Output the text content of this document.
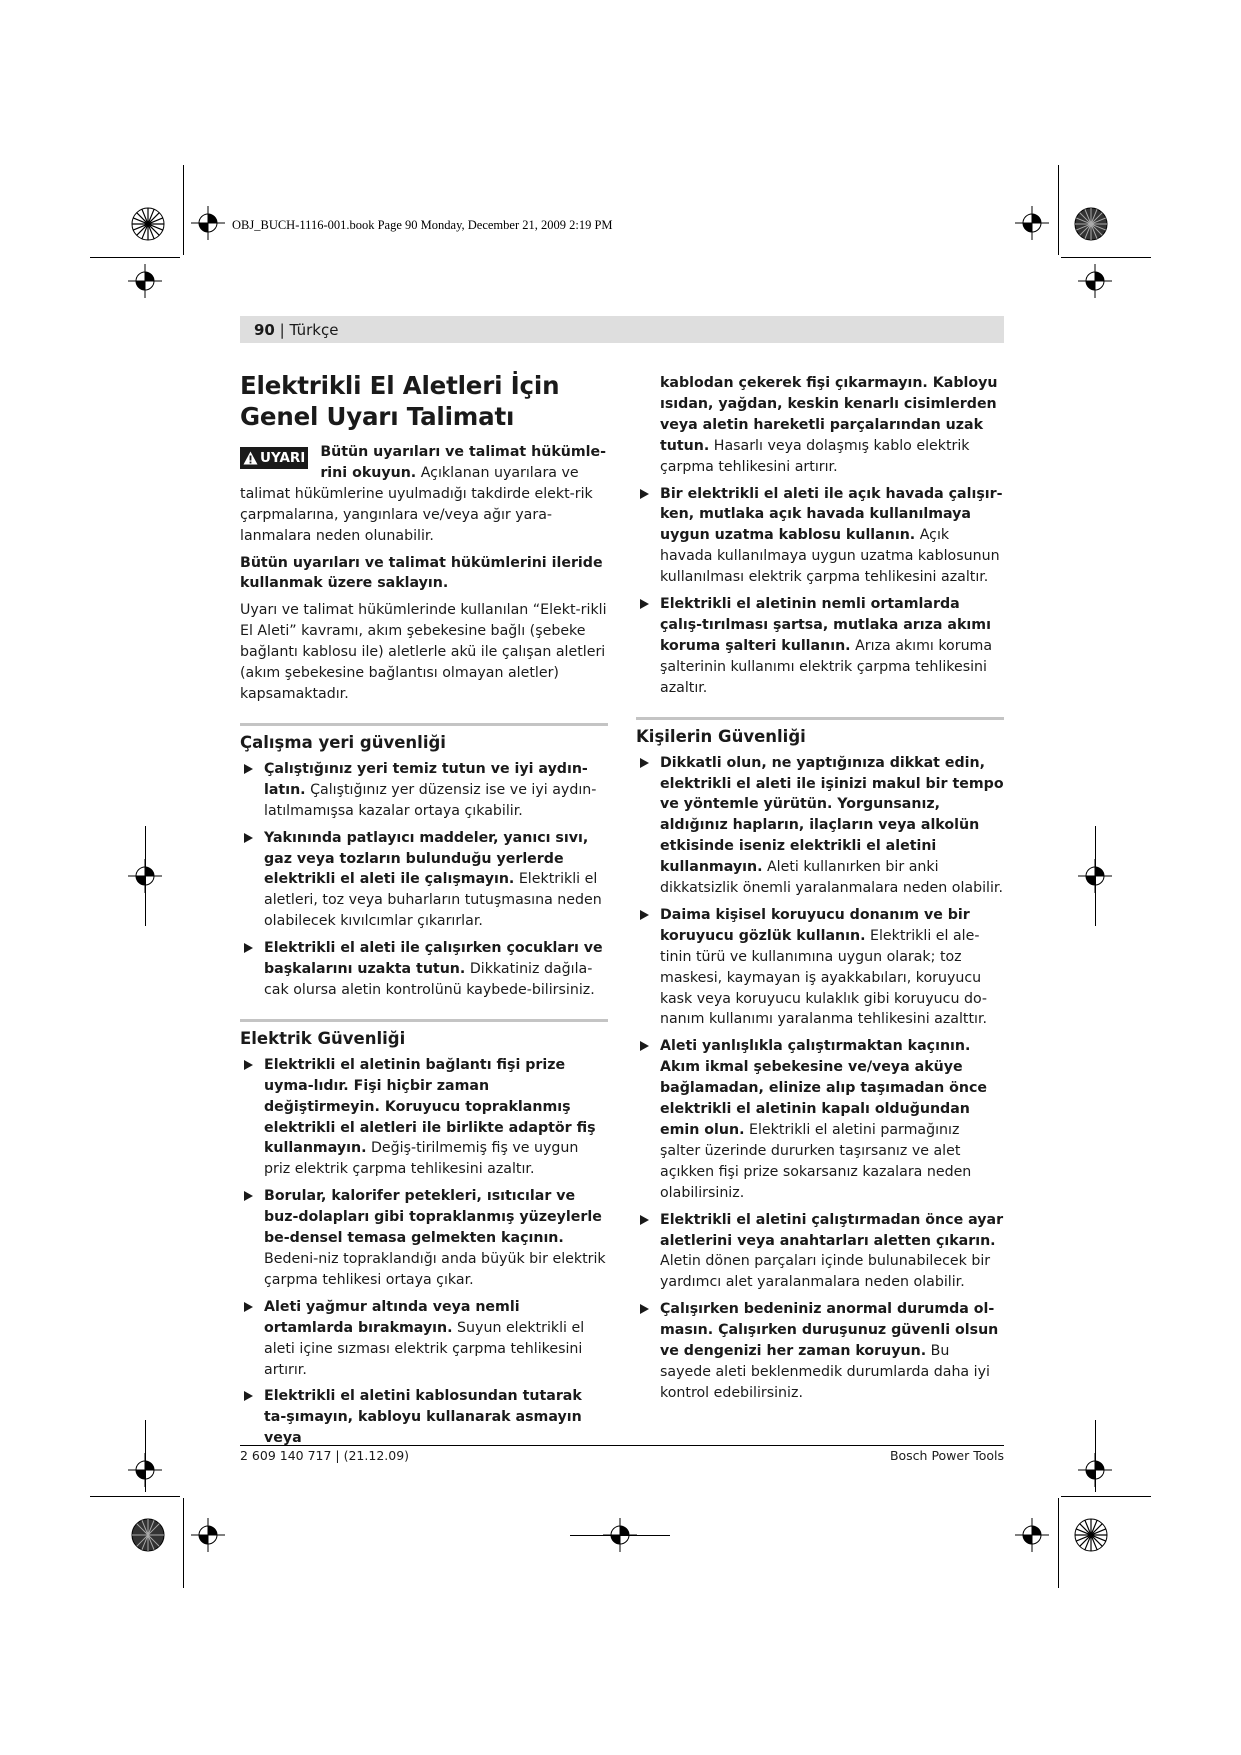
OBJ_BUCH-1116-001.book Page 90 Monday, December 21, 2009 2:19 PM
90 | Türkçe
Elektrikli El Aletleri İçin Genel Uyarı Talimatı
UYARI	Bütün uyarıları ve talimat hükümle-rini okuyun. Açıklanan uyarılara ve talimat hükümlerine uyulmadığı takdirde elekt-rik çarpmalarına, yangınlara ve/veya ağır yara-lanmalara neden olunabilir.

Bütün uyarıları ve talimat hükümlerini ileride kullanmak üzere saklayın.

Uyarı ve talimat hükümlerinde kullanılan “Elekt-rikli El Aleti” kavramı, akım şebekesine bağlı (şebeke bağlantı kablosu ile) aletlerle akü ile çalışan aletleri (akım şebekesine bağlantısı olmayan aletler) kapsamaktadır.

Çalışma yeri güvenliği

Çalıştığınız yeri temiz tutun ve iyi aydın-latın. Çalıştığınız yer düzensiz ise ve iyi aydın-latılmamışsa kazalar ortaya çıkabilir.

Yakınında patlayıcı maddeler, yanıcı sıvı, gaz veya tozların bulunduğu yerlerde elektrikli el aleti ile çalışmayın. Elektrikli el aletleri, toz veya buharların tutuşmasına neden olabilecek kıvılcımlar çıkarırlar.

Elektrikli el aleti ile çalışırken çocukları ve başkalarını uzakta tutun. Dikkatiniz dağıla-cak olursa aletin kontrolünü kaybede-bilirsiniz.

Elektrik Güvenliği

Elektrikli el aletinin bağlantı fişi prize uyma-lıdır. Fişi hiçbir zaman değiştirmeyin. Koruyucu topraklanmış elektrikli el aletleri ile birlikte adaptör fiş kullanmayın. Değiş-tirilmemiş fiş ve uygun priz elektrik çarpma tehlikesini azaltır.

Borular, kalorifer petekleri, ısıtıcılar ve buz-dolapları gibi topraklanmış yüzeylerle be-densel temasa gelmekten kaçının. Bedeni-niz topraklandığı anda büyük bir elektrik çarpma tehlikesi ortaya çıkar.

Aleti yağmur altında veya nemli ortamlarda bırakmayın. Suyun elektrikli el aleti içine sızması elektrik çarpma tehlikesini artırır.

Elektrikli el aletini kablosundan tutarak ta-şımayın, kabloyu kullanarak asmayın veya

kablodan çekerek fişi çıkarmayın. Kabloyu ısıdan, yağdan, keskin kenarlı cisimlerden veya aletin hareketli parçalarından uzak tutun. Hasarlı veya dolaşmış kablo elektrik çarpma tehlikesini artırır.

Bir elektrikli el aleti ile açık havada çalışır-ken, mutlaka açık havada kullanılmaya uygun uzatma kablosu kullanın. Açık havada kullanılmaya uygun uzatma kablosunun kullanılması elektrik çarpma tehlikesini azaltır.

Elektrikli el aletinin nemli ortamlarda çalış-tırılması şartsa, mutlaka arıza akımı koruma şalteri kullanın. Arıza akımı koruma şalterinin kullanımı elektrik çarpma tehlikesini azaltır.

Kişilerin Güvenliği

Dikkatli olun, ne yaptığınıza dikkat edin, elektrikli el aleti ile işinizi makul bir tempo ve yöntemle yürütün. Yorgunsanız, aldığınız hapların, ilaçların veya alkolün etkisinde iseniz elektrikli el aletini kullanmayın. Aleti kullanırken bir anki dikkatsizlik önemli yaralanmalara neden olabilir.

Daima kişisel koruyucu donanım ve bir koruyucu gözlük kullanın. Elektrikli el ale-tinin türü ve kullanımına uygun olarak; toz maskesi, kaymayan iş ayakkabıları, koruyucu kask veya koruyucu kulaklık gibi koruyucu do-nanım kullanımı yaralanma tehlikesini azalttır.

Aleti yanlışlıkla çalıştırmaktan kaçının. Akım ikmal şebekesine ve/veya aküye bağlamadan, elinize alıp taşımadan önce elektrikli el aletinin kapalı olduğundan emin olun. Elektrikli el aletini parmağınız şalter üzerinde dururken taşırsanız ve alet açıkken fişi prize sokarsanız kazalara neden olabilirsiniz.

Elektrikli el aletini çalıştırmadan önce ayar aletlerini veya anahtarları aletten çıkarın. Aletin dönen parçaları içinde bulunabilecek bir yardımcı alet yaralanmalara neden olabilir.

Çalışırken bedeniniz anormal durumda ol-masın. Çalışırken duruşunuz güvenli olsun ve dengenizi her zaman koruyun. Bu sayede aleti beklenmedik durumlarda daha iyi kontrol edebilirsiniz.

2 609 140 717 | (21.12.09)	Bosch Power Tools
